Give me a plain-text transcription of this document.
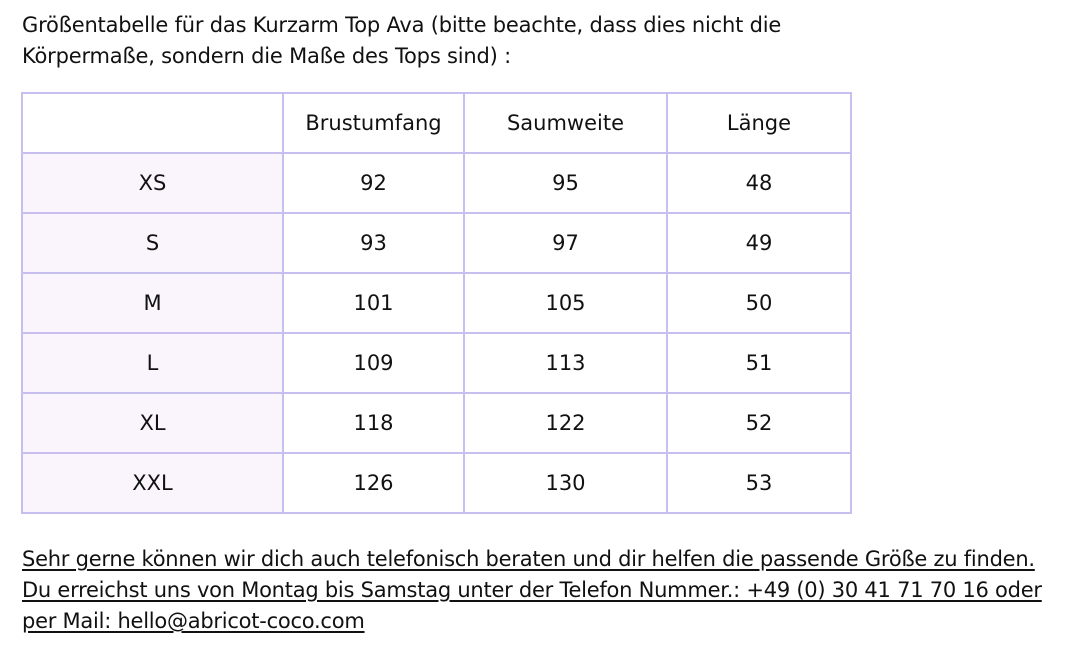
Größentabelle für das Kurzarm Top Ava (bitte beachte, dass dies nicht die
Körpermaße, sondern die Maße des Tops sind) :
	Brustumfang	Saumweite	Länge
XS	92	95	48
S	93	97	49
M	101	105	50
L	109	113	51
XL	118	122	52
XXL	126	130	53
Sehr gerne können wir dich auch telefonisch beraten und dir helfen die passende Größe zu finden.
Du erreichst uns von Montag bis Samstag unter der Telefon Nummer.: +49 (0) 30 41 71 70 16 oder
per Mail: hello@abricot-coco.com
